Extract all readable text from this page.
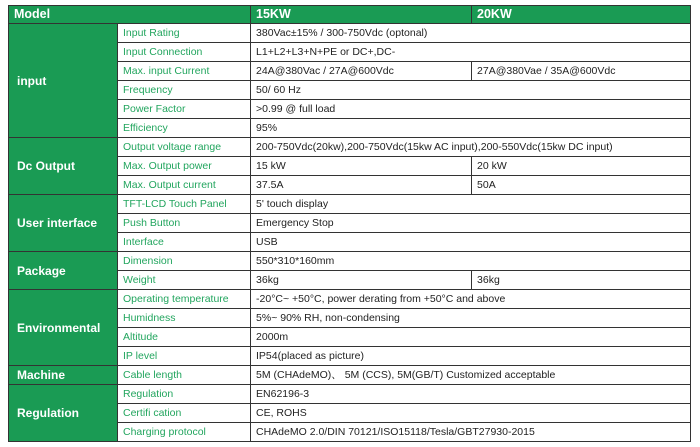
Model		15KW	20KW
input	Input Rating	380Vac±15% / 300-750Vdc (optonal)	
	Input Connection	L1+L2+L3+N+PE or DC+,DC-	
	Max. input Current	24A@380Vac / 27A@600Vdc	27A@380Vae / 35A@600Vdc
	Frequency	50/ 60 Hz	
	Power Factor	>0.99 @ full load	
	Efficiency	95%	
Dc Output	Output voltage range	200-750Vdc(20kw),200-750Vdc(15kw AC input),200-550Vdc(15kw DC input)	
	Max. Output power	15 kW	20 kW
	Max. Output current	37.5A	50A
User interface	TFT-LCD Touch Panel	5' touch display	
	Push Button	Emergency Stop	
	Interface	USB	
Package	Dimension	550*310*160mm	
	Weight	36kg	36kg
Environmental	Operating temperature	-20°C~ +50°C, power derating from +50°C and above	
	Humidness	5%~ 90% RH, non-condensing	
	Altitude	2000m	
	IP level	IP54(placed as picture)	
Machine	Cable length	5M (CHAdeMO)、 5M (CCS), 5M(GB/T) Customized acceptable	
Regulation	Regulation	EN62196-3	
	Certifi cation	CE, ROHS	
	Charging protocol	CHAdeMO 2.0/DIN 70121/ISO15118/Tesla/GBT27930-2015	
